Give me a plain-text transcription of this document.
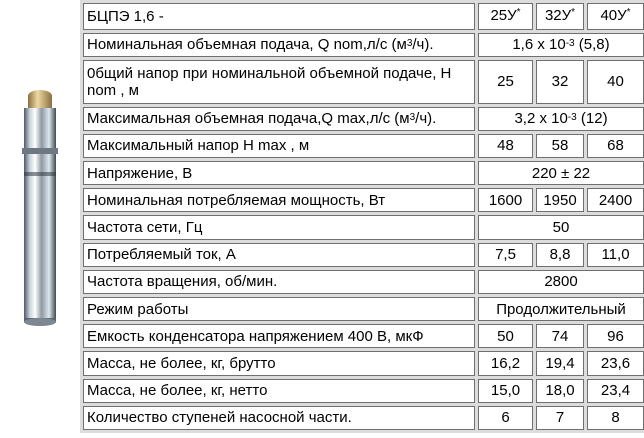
БЦПЭ 1,6 -	25У*	32У*	40У*
Номинальная объемная подача, Q nom,л/с $(м^3/ч)$.	1,6 x $10^{-3}$ (5,8)		
0бщий напор при номинальной объемной подаче, H nom , м	25	32	40
Максимальная объемная подача,Q max,л/с $(м^3/ч)$.	3,2 x $10^{-3}$ (12)		
Максимальный напор H max , м	48	58	68
Напряжение, В	220 ± 22		
Номинальная потребляемая мощность, Вт	1600	1950	2400
Частота сети, Гц	50		
Потребляемый ток, А	7,5	8,8	11,0
Частота вращения, об/мин.	2800		
Режим работы	Продолжительный		
Емкость конденсатора напряжением 400 В, мкФ	50	74	96
Масса, не более, кг, брутто	16,2	19,4	23,6
Масса, не более, кг, нетто	15,0	18,0	23,4
Количество ступеней насосной части.	6	7	8
